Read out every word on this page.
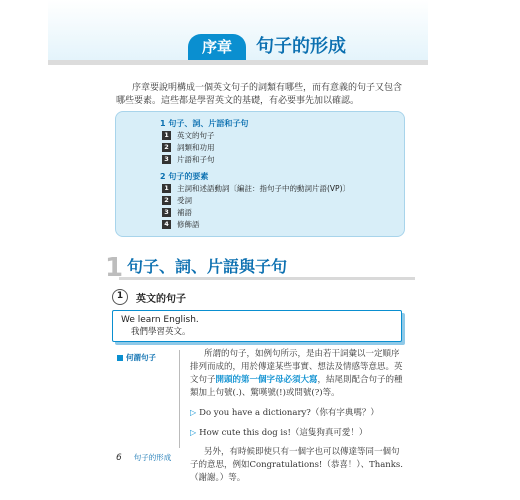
序章	句子的形成

序章要說明構成一個英文句子的詞類有哪些，而有意義的句子又包含哪些要素。這些都是學習英文的基礎，有必要事先加以確認。

1 句子、詞、片語和子句
1 英文的句子
2 詞類和功用
3 片語和子句
2 句子的要素
1 主詞和述語動詞〔編註：指句子中的動詞片語(VP)〕
2 受詞
3 補語
4 修飾語
1 句子、詞、片語與子句
1	英文的句子
We learn English.
我們學習英文。
何謂句子	所謂的句子，如例句所示，是由若干詞彙以一定順序排列而成的，用於傳達某些事實、想法及情感等意思。英文句子開頭的第一個字母必須大寫，結尾則配合句子的種類加上句號(.)、驚嘆號(!)或問號(?)等。

▷ Do you have a dictionary?（你有字典嗎？）

▷ How cute this dog is!（這隻狗真可愛！）

另外，有時候即使只有一個字也可以傳達等同一個句子的意思，例如Congratulations!（恭喜！）、Thanks.（謝謝。）等。

6 句子的形成
